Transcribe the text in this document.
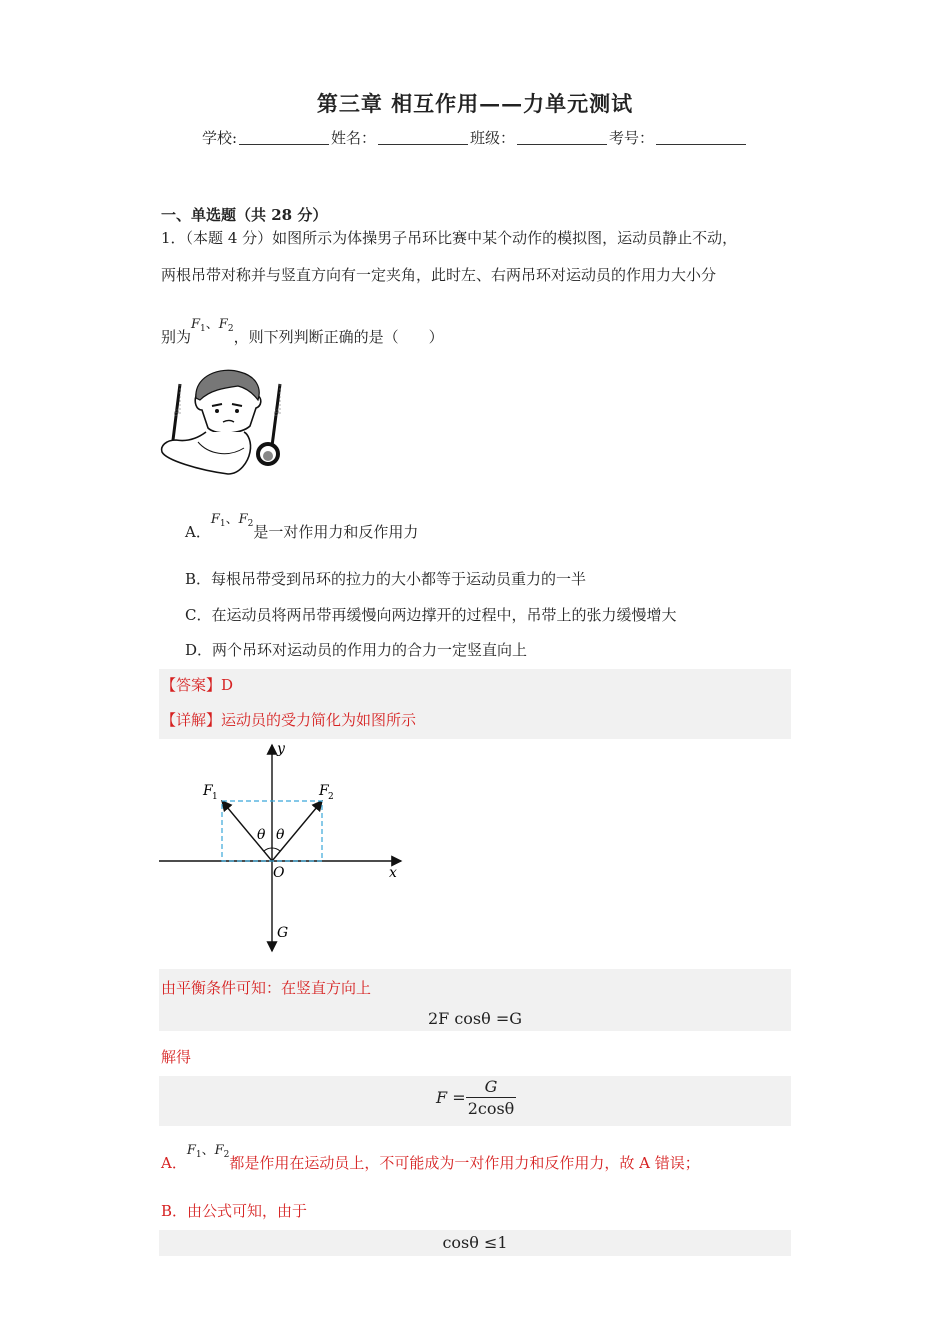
第三章 相互作用——力单元测试
学校:	姓名：	班级：	考号：
一、单选题（共 28 分）
1．（本题 4 分）如图所示为体操男子吊环比赛中某个动作的模拟图，运动员静止不动，
两根吊带对称并与竖直方向有一定夹角，此时左、右两吊环对运动员的作用力大小分
别为$F_1$、$F_2$，则下列判断正确的是（　　）
θ	θ
A．$F_1$、$F_2$是一对作用力和反作用力
B．每根吊带受到吊环的拉力的大小都等于运动员重力的一半
C．在运动员将两吊带再缓慢向两边撑开的过程中，吊带上的张力缓慢增大
D．两个吊环对运动员的作用力的合力一定竖直向上
【答案】D
【详解】运动员的受力简化为如图所示
y
x
O
G
F 1	F 2
θ θ
由平衡条件可知：在竖直方向上
2F cosθ =G
解得
F =
G
2cosθ
A．$F_1$、$F_2$都是作用在运动员上，不可能成为一对作用力和反作用力，故 A 错误；
B．由公式可知，由于
cosθ ≤1
